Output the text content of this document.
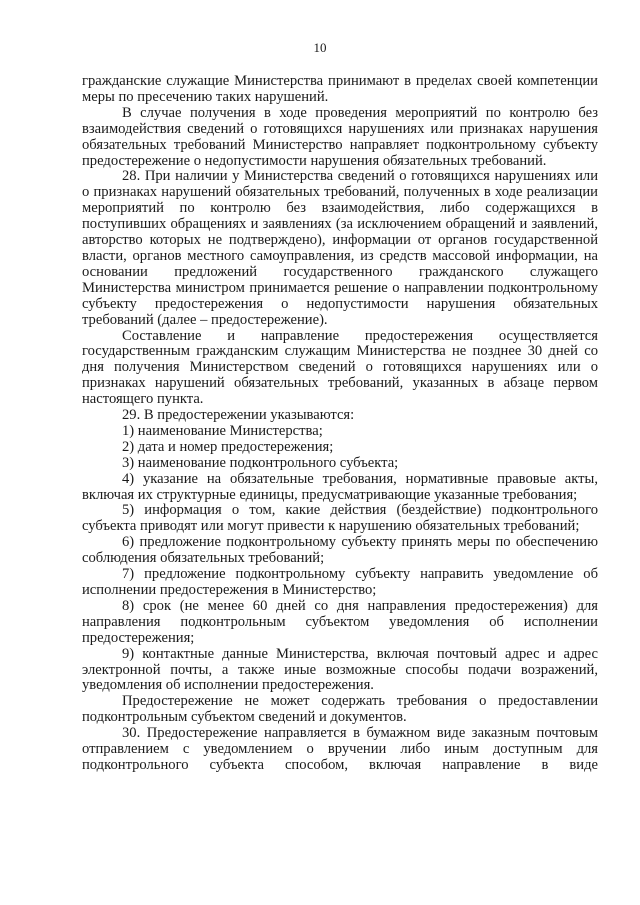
10

гражданские служащие Министерства принимают в пределах своей компетенции меры по пресечению таких нарушений.

В случае получения в ходе проведения мероприятий по контролю без взаимодействия сведений о готовящихся нарушениях или признаках нарушения обязательных требований Министерство направляет подконтрольному субъекту предостережение о недопустимости нарушения обязательных требований.

28. При наличии у Министерства сведений о готовящихся нарушениях или о признаках нарушений обязательных требований, полученных в ходе реализации мероприятий по контролю без взаимодействия, либо содержащихся в поступивших обращениях и заявлениях (за исключением обращений и заявлений, авторство которых не подтверждено), информации от органов государственной власти, органов местного самоуправления, из средств массовой информации, на основании предложений государственного гражданского служащего Министерства министром принимается решение о направлении подконтрольному субъекту предостережения о недопустимости нарушения обязательных требований (далее – предостережение).

Составление и направление предостережения осуществляется государственным гражданским служащим Министерства не позднее 30 дней со дня получения Министерством сведений о готовящихся нарушениях или о признаках нарушений обязательных требований, указанных в абзаце первом настоящего пункта.

29. В предостережении указываются:

1) наименование Министерства;

2) дата и номер предостережения;

3) наименование подконтрольного субъекта;

4) указание на обязательные требования, нормативные правовые акты, включая их структурные единицы, предусматривающие указанные требования;

5) информация о том, какие действия (бездействие) подконтрольного субъекта приводят или могут привести к нарушению обязательных требований;

6) предложение подконтрольному субъекту принять меры по обеспечению соблюдения обязательных требований;

7) предложение подконтрольному субъекту направить уведомление об исполнении предостережения в Министерство;

8) срок (не менее 60 дней со дня направления предостережения) для направления подконтрольным субъектом уведомления об исполнении предостережения;

9) контактные данные Министерства, включая почтовый адрес и адрес электронной почты, а также иные возможные способы подачи возражений, уведомления об исполнении предостережения.

Предостережение не может содержать требования о предоставлении подконтрольным субъектом сведений и документов.

30. Предостережение направляется в бумажном виде заказным почтовым отправлением с уведомлением о вручении либо иным доступным для подконтрольного субъекта способом, включая направление в виде
